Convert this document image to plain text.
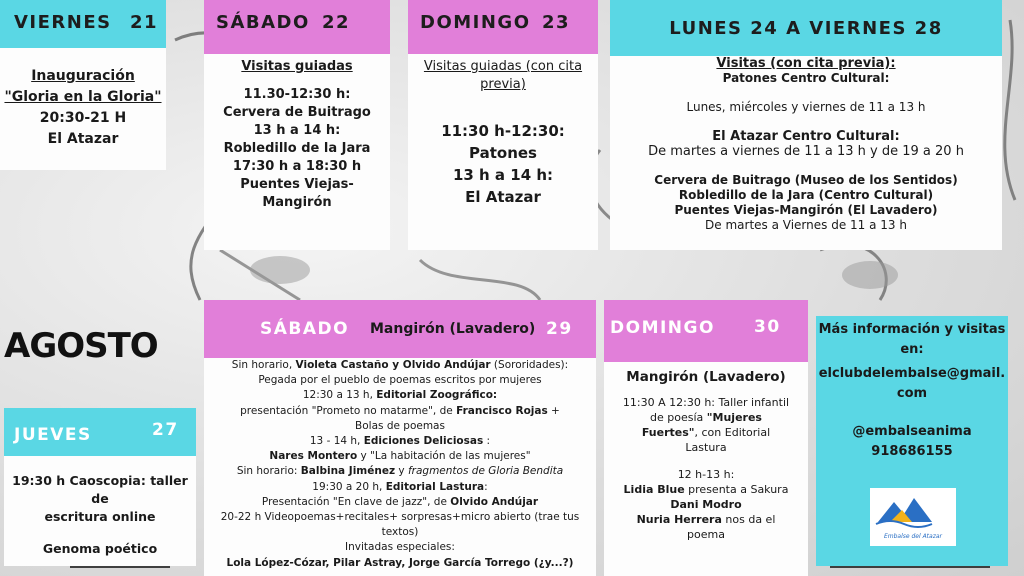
VIERNES 21
Inauguración
"Gloria en la Gloria"
20:30-21 H
El Atazar
SÁBADO 22
Visitas guiadas
11.30-12:30 h:
Cervera de Buitrago
13 h a 14 h:
Robledillo de la Jara
17:30 h a 18:30 h
Puentes Viejas-
Mangirón
DOMINGO 23
Visitas guiadas (con cita
previa)
11:30 h-12:30:
Patones
13 h a 14 h:
El Atazar
LUNES 24 A VIERNES 28
Visitas (con cita previa):
Patones Centro Cultural:
Lunes, miércoles y viernes de 11 a 13 h
El Atazar Centro Cultural:
De martes a viernes de 11 a 13 h y de 19 a 20 h
Cervera de Buitrago (Museo de los Sentidos)
Robledillo de la Jara (Centro Cultural)
Puentes Viejas-Mangirón (El Lavadero)
De martes a Viernes de 11 a 13 h
AGOSTO
JUEVES	27
19:30 h Caoscopia: taller de
escritura online
Genoma poético
SÁBADO Mangirón (Lavadero) 29
Sin horario, Violeta Castaño y Olvido Andújar (Sororidades):
Pegada por el pueblo de poemas escritos por mujeres
12:30 a 13 h, Editorial Zoográfico:
presentación "Prometo no matarme", de Francisco Rojas +
Bolas de poemas
13 - 14 h, Ediciones Deliciosas :
Nares Montero y "La habitación de las mujeres"
Sin horario: Balbina Jiménez y fragmentos de Gloria Bendita
19:30 a 20 h, Editorial Lastura:
Presentación "En clave de jazz", de Olvido Andújar
20-22 h Videopoemas+recitales+ sorpresas+micro abierto (trae tus
textos)
Invitadas especiales:
Lola López-Cózar, Pilar Astray, Jorge García Torrego (¿y...?)
DOMINGO 30
Mangirón (Lavadero)
11:30 A 12:30 h: Taller infantil
de poesía "Mujeres
Fuertes", con Editorial
Lastura
12 h-13 h:
Lidia Blue presenta a Sakura
Dani Modro
Nuria Herrera nos da el
poema
Más información y visitas
en:
elclubdelembalse@gmail.
com
@embalseanima
918686155
Embalse del Atazar
